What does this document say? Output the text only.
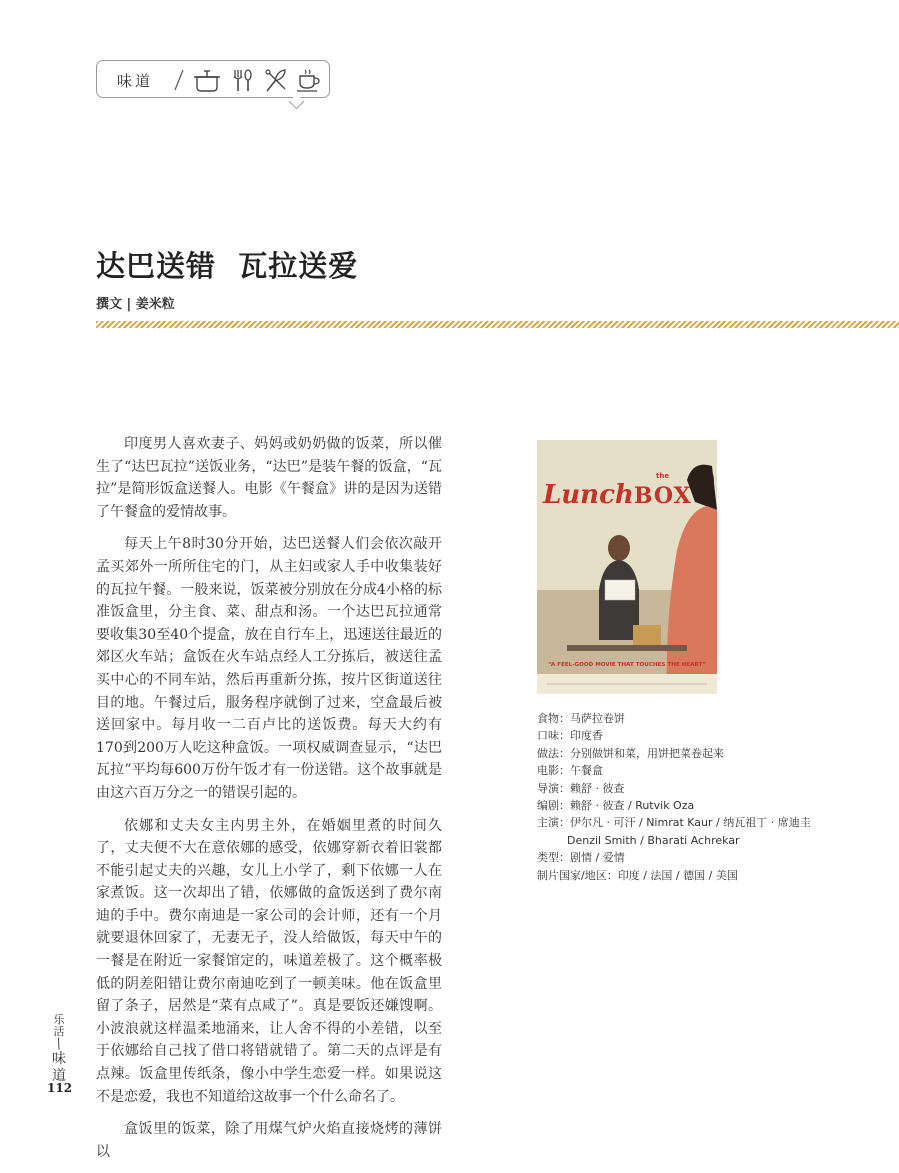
味道
达巴送错  瓦拉送爱
撰文 | 姜米粒

印度男人喜欢妻子、妈妈或奶奶做的饭菜，所以催生了“达巴瓦拉”送饭业务，“达巴”是装午餐的饭盒，“瓦拉”是简形饭盒送餐人。电影《午餐盒》讲的是因为送错了午餐盒的爱情故事。

每天上午8时30分开始，达巴送餐人们会依次敲开孟买郊外一所所住宅的门，从主妇或家人手中收集装好的瓦拉午餐。一般来说，饭菜被分别放在分成4小格的标准饭盒里，分主食、菜、甜点和汤。一个达巴瓦拉通常要收集30至40个提盒，放在自行车上，迅速送往最近的郊区火车站；盒饭在火车站点经人工分拣后，被送往孟买中心的不同车站，然后再重新分拣，按片区街道送往目的地。午餐过后，服务程序就倒了过来，空盒最后被送回家中。每月收一二百卢比的送饭费。每天大约有170到200万人吃这种盒饭。一项权威调查显示，“达巴瓦拉”平均每600万份午饭才有一份送错。这个故事就是由这六百万分之一的错误引起的。

依娜和丈夫女主内男主外，在婚姻里煮的时间久了，丈夫便不大在意依娜的感受，依娜穿新衣着旧裳都不能引起丈夫的兴趣，女儿上小学了，剩下依娜一人在家煮饭。这一次却出了错，依娜做的盒饭送到了费尔南迪的手中。费尔南迪是一家公司的会计师，还有一个月就要退休回家了，无妻无子，没人给做饭，每天中午的一餐是在附近一家餐馆定的，味道差极了。这个概率极低的阴差阳错让费尔南迪吃到了一顿美味。他在饭盒里留了条子，居然是“菜有点咸了”。真是要饭还嫌馊啊。小波浪就这样温柔地涌来，让人舍不得的小差错，以至于依娜给自己找了借口将错就错了。第二天的点评是有点辣。饭盒里传纸条，像小中学生恋爱一样。如果说这不是恋爱，我也不知道给这故事一个什么命名了。

盒饭里的饭菜，除了用煤气炉火焰直接烧烤的薄饼以

LunchBOX
the
“A FEEL-GOOD MOVIE THAT TOUCHES THE HEART”
食物：马萨拉卷饼
口味：印度香
做法：分别做饼和菜，用饼把菜卷起来
电影：午餐盒
导演：赖舒 · 彼查
编剧：赖舒 · 彼查 / Rutvik Oza
主演：伊尔凡 · 可汗 / Nimrat Kaur / 纳瓦祖丁 · 席迪圭
Denzil Smith / Bharati Achrekar
类型：剧情 / 爱情
制片国家/地区：印度 / 法国 / 德国 / 美国
乐活
/
味道
112
